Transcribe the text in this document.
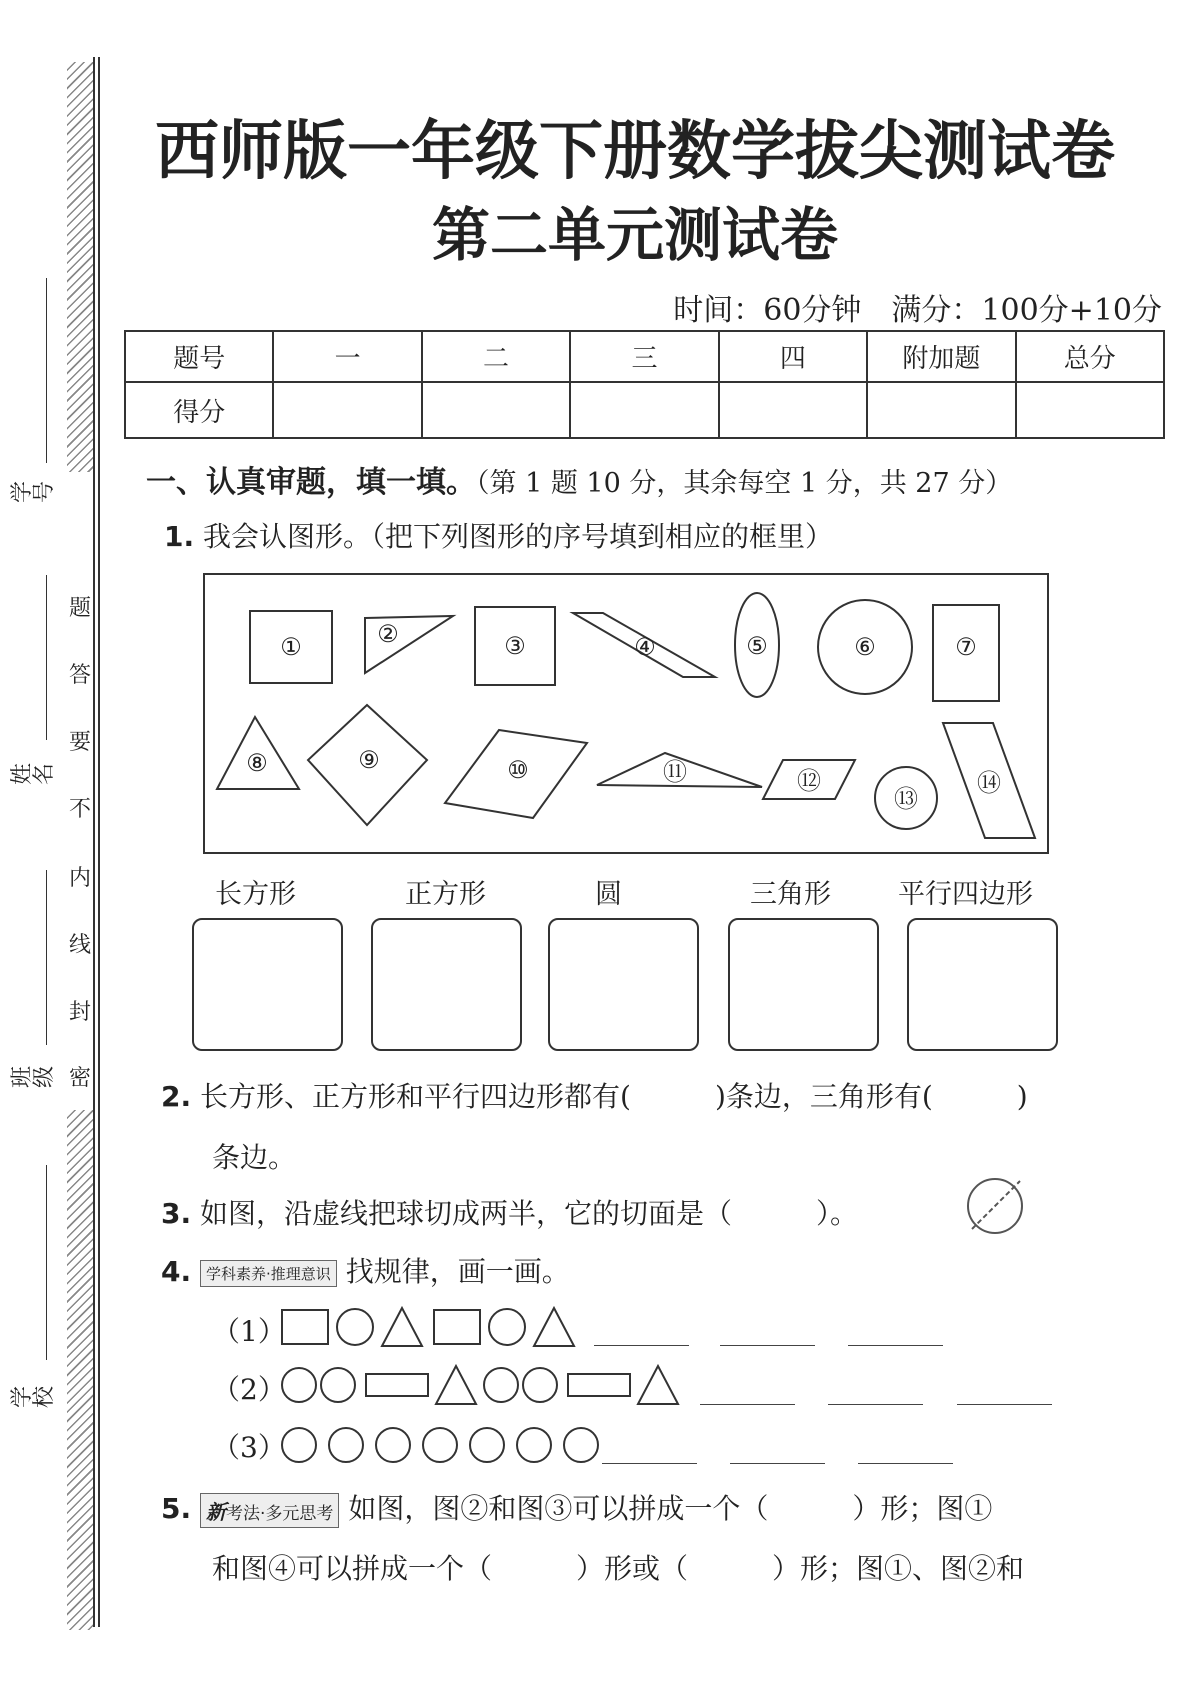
学号
姓名
班级
学校
题
答
要
不
内
线
封
密
西师版一年级下册数学拔尖测试卷
第二单元测试卷
时间：60分钟　满分：100分+10分
题号	一	二	三	四	附加题	总分
得分						
一、认真审题，填一填。（第 1 题 10 分，其余每空 1 分，共 27 分）
1. 我会认图形。（把下列图形的序号填到相应的框里）
①	②	③	④	⑤	⑥	⑦
⑧	⑨	⑩	⑪	⑫
⑬
⑭
长方形	正方形	圆	三角形 平行四边形
2. 长方形、正方形和平行四边形都有(　　　)条边，三角形有(　　　)
条边。
3. 如图，沿虚线把球切成两半，它的切面是（　　　）。
4. 学科素养·推理意识 找规律，画一画。
（1）
（2）
（3）
5. 新考法·多元思考 如图，图②和图③可以拼成一个（　　　）形；图①
和图④可以拼成一个（　　　）形或（　　　）形；图①、图②和
